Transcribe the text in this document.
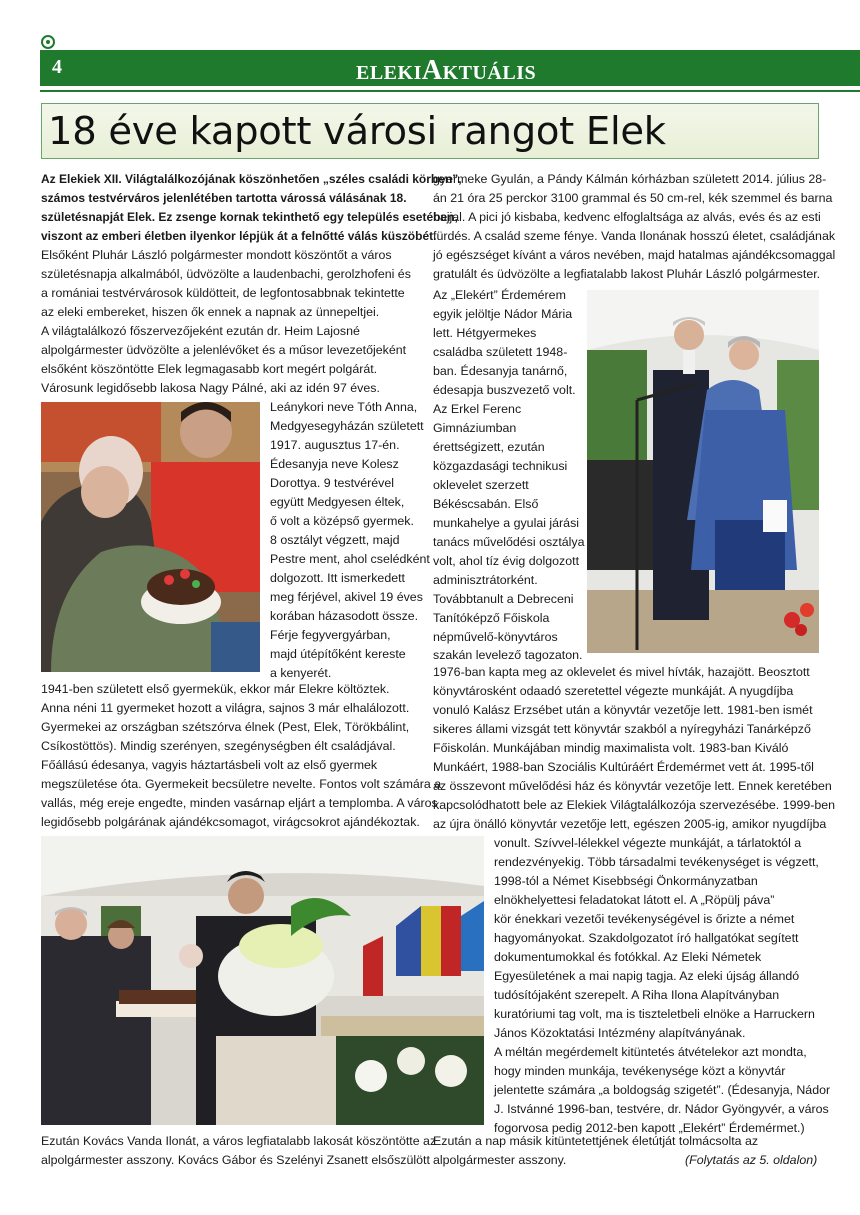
4	ELEKIAKTUÁLIS
18 éve kapott városi rangot Elek
Az Elekiek XII. Világtalálkozójának köszönhetően „széles családi körben”,
számos testvérváros jelenlétében tartotta várossá válásának 18.
születésnapját Elek. Ez zsenge kornak tekinthető egy település esetében,
viszont az emberi életben ilyenkor lépjük át a felnőtté válás küszöbét.
Elsőként Pluhár László polgármester mondott köszöntőt a város
születésnapja alkalmából, üdvözölte a laudenbachi, gerolzhofeni és
a romániai testvérvárosok küldötteit, de legfontosabbnak tekintette
az eleki embereket, hiszen ők ennek a napnak az ünnepeltjei.
A világtalálkozó főszervezőjeként ezután dr. Heim Lajosné
alpolgármester üdvözölte a jelenlévőket és a műsor levezetőjeként
elsőként köszöntötte Elek legmagasabb kort megért polgárát.
Városunk legidősebb lakosa Nagy Pálné, aki az idén 97 éves.
Leánykori neve Tóth Anna,
Medgyesegyházán született
1917. augusztus 17-én.
Édesanyja neve Kolesz
Dorottya. 9 testvérével
együtt Medgyesen éltek,
ő volt a középső gyermek.
8 osztályt végzett, majd
Pestre ment, ahol cselédként
dolgozott. Itt ismerkedett
meg férjével, akivel 19 éves
korában házasodott össze.
Férje fegyvergyárban,
majd útépítőként kereste
a kenyerét.
1941-ben született első gyermekük, ekkor már Elekre költöztek.
Anna néni 11 gyermeket hozott a világra, sajnos 3 már elhalálozott.
Gyermekei az országban szétszórva élnek (Pest, Elek, Törökbálint,
Csíkostöttös). Mindig szerényen, szegénységben élt családjával.
Főállású édesanya, vagyis háztartásbeli volt az első gyermek
megszületése óta. Gyermekeit becsületre nevelte. Fontos volt számára a
vallás, még ereje engedte, minden vasárnap eljárt a templomba. A város
legidősebb polgárának ajándékcsomagot, virágcsokrot ajándékoztak.
Ezután Kovács Vanda Ilonát, a város legfiatalabb lakosát köszöntötte az
alpolgármester asszony. Kovács Gábor és Szelényi Zsanett elsőszülött
gyermeke Gyulán, a Pándy Kálmán kórházban született 2014. július 28-
án 21 óra 25 perckor 3100 grammal és 50 cm-rel, kék szemmel és barna
hajjal. A pici jó kisbaba, kedvenc elfoglaltsága az alvás, evés és az esti
fürdés. A család szeme fénye. Vanda Ilonának hosszú életet, családjának
jó egészséget kívánt a város nevében, majd hatalmas ajándékcsomaggal
gratulált és üdvözölte a legfiatalabb lakost Pluhár László polgármester.
Az „Elekért” Érdemérem
egyik jelöltje Nádor Mária
lett. Hétgyermekes
családba született 1948-
ban. Édesanyja tanárnő,
édesapja buszvezető volt.
Az Erkel Ferenc
Gimnáziumban
érettségizett, ezután
közgazdasági technikusi
oklevelet szerzett
Békéscsabán. Első
munkahelye a gyulai járási
tanács művelődési osztálya
volt, ahol tíz évig dolgozott
adminisztrátorként.
Továbbtanult a Debreceni
Tanítóképző Főiskola
népművelő-könyvtáros
szakán levelező tagozaton.
1976-ban kapta meg az oklevelet és mivel hívták, hazajött. Beosztott
könyvtárosként odaadó szeretettel végezte munkáját. A nyugdíjba
vonuló Kalász Erzsébet után a könyvtár vezetője lett. 1981-ben ismét
sikeres állami vizsgát tett könyvtár szakból a nyíregyházi Tanárképző
Főiskolán. Munkájában mindig maximalista volt. 1983-ban Kiváló
Munkáért, 1988-ban Szociális Kultúráért Érdemérmet vett át. 1995-től
az összevont művelődési ház és könyvtár vezetője lett. Ennek keretében
kapcsolódhatott bele az Elekiek Világtalálkozója szervezésébe. 1999-ben
az újra önálló könyvtár vezetője lett, egészen 2005-ig, amikor nyugdíjba
vonult. Szívvel-lélekkel végezte munkáját, a tárlatoktól a
rendezvényekig. Több társadalmi tevékenységet is végzett,
1998-tól a Német Kisebbségi Önkormányzatban
elnökhelyettesi feladatokat látott el. A „Röpülj páva”
kör énekkari vezetői tevékenységével is őrizte a német
hagyományokat. Szakdolgozatot író hallgatókat segített
dokumentumokkal és fotókkal. Az Eleki Németek
Egyesületének a mai napig tagja. Az eleki újság állandó
tudósítójaként szerepelt. A Riha Ilona Alapítványban
kuratóriumi tag volt, ma is tiszteletbeli elnöke a Harruckern
János Közoktatási Intézmény alapítványának.
A méltán megérdemelt kitüntetés átvételekor azt mondta,
hogy minden munkája, tevékenysége közt a könyvtár
jelentette számára „a boldogság szigetét”. (Édesanyja, Nádor
J. Istvánné 1996-ban, testvére, dr. Nádor Gyöngyvér, a város
fogorvosa pedig 2012-ben kapott „Elekért” Érdemérmet.)
Ezután a nap másik kitüntetettjének életútját tolmácsolta az
alpolgármester asszony.	(Folytatás az 5. oldalon)
